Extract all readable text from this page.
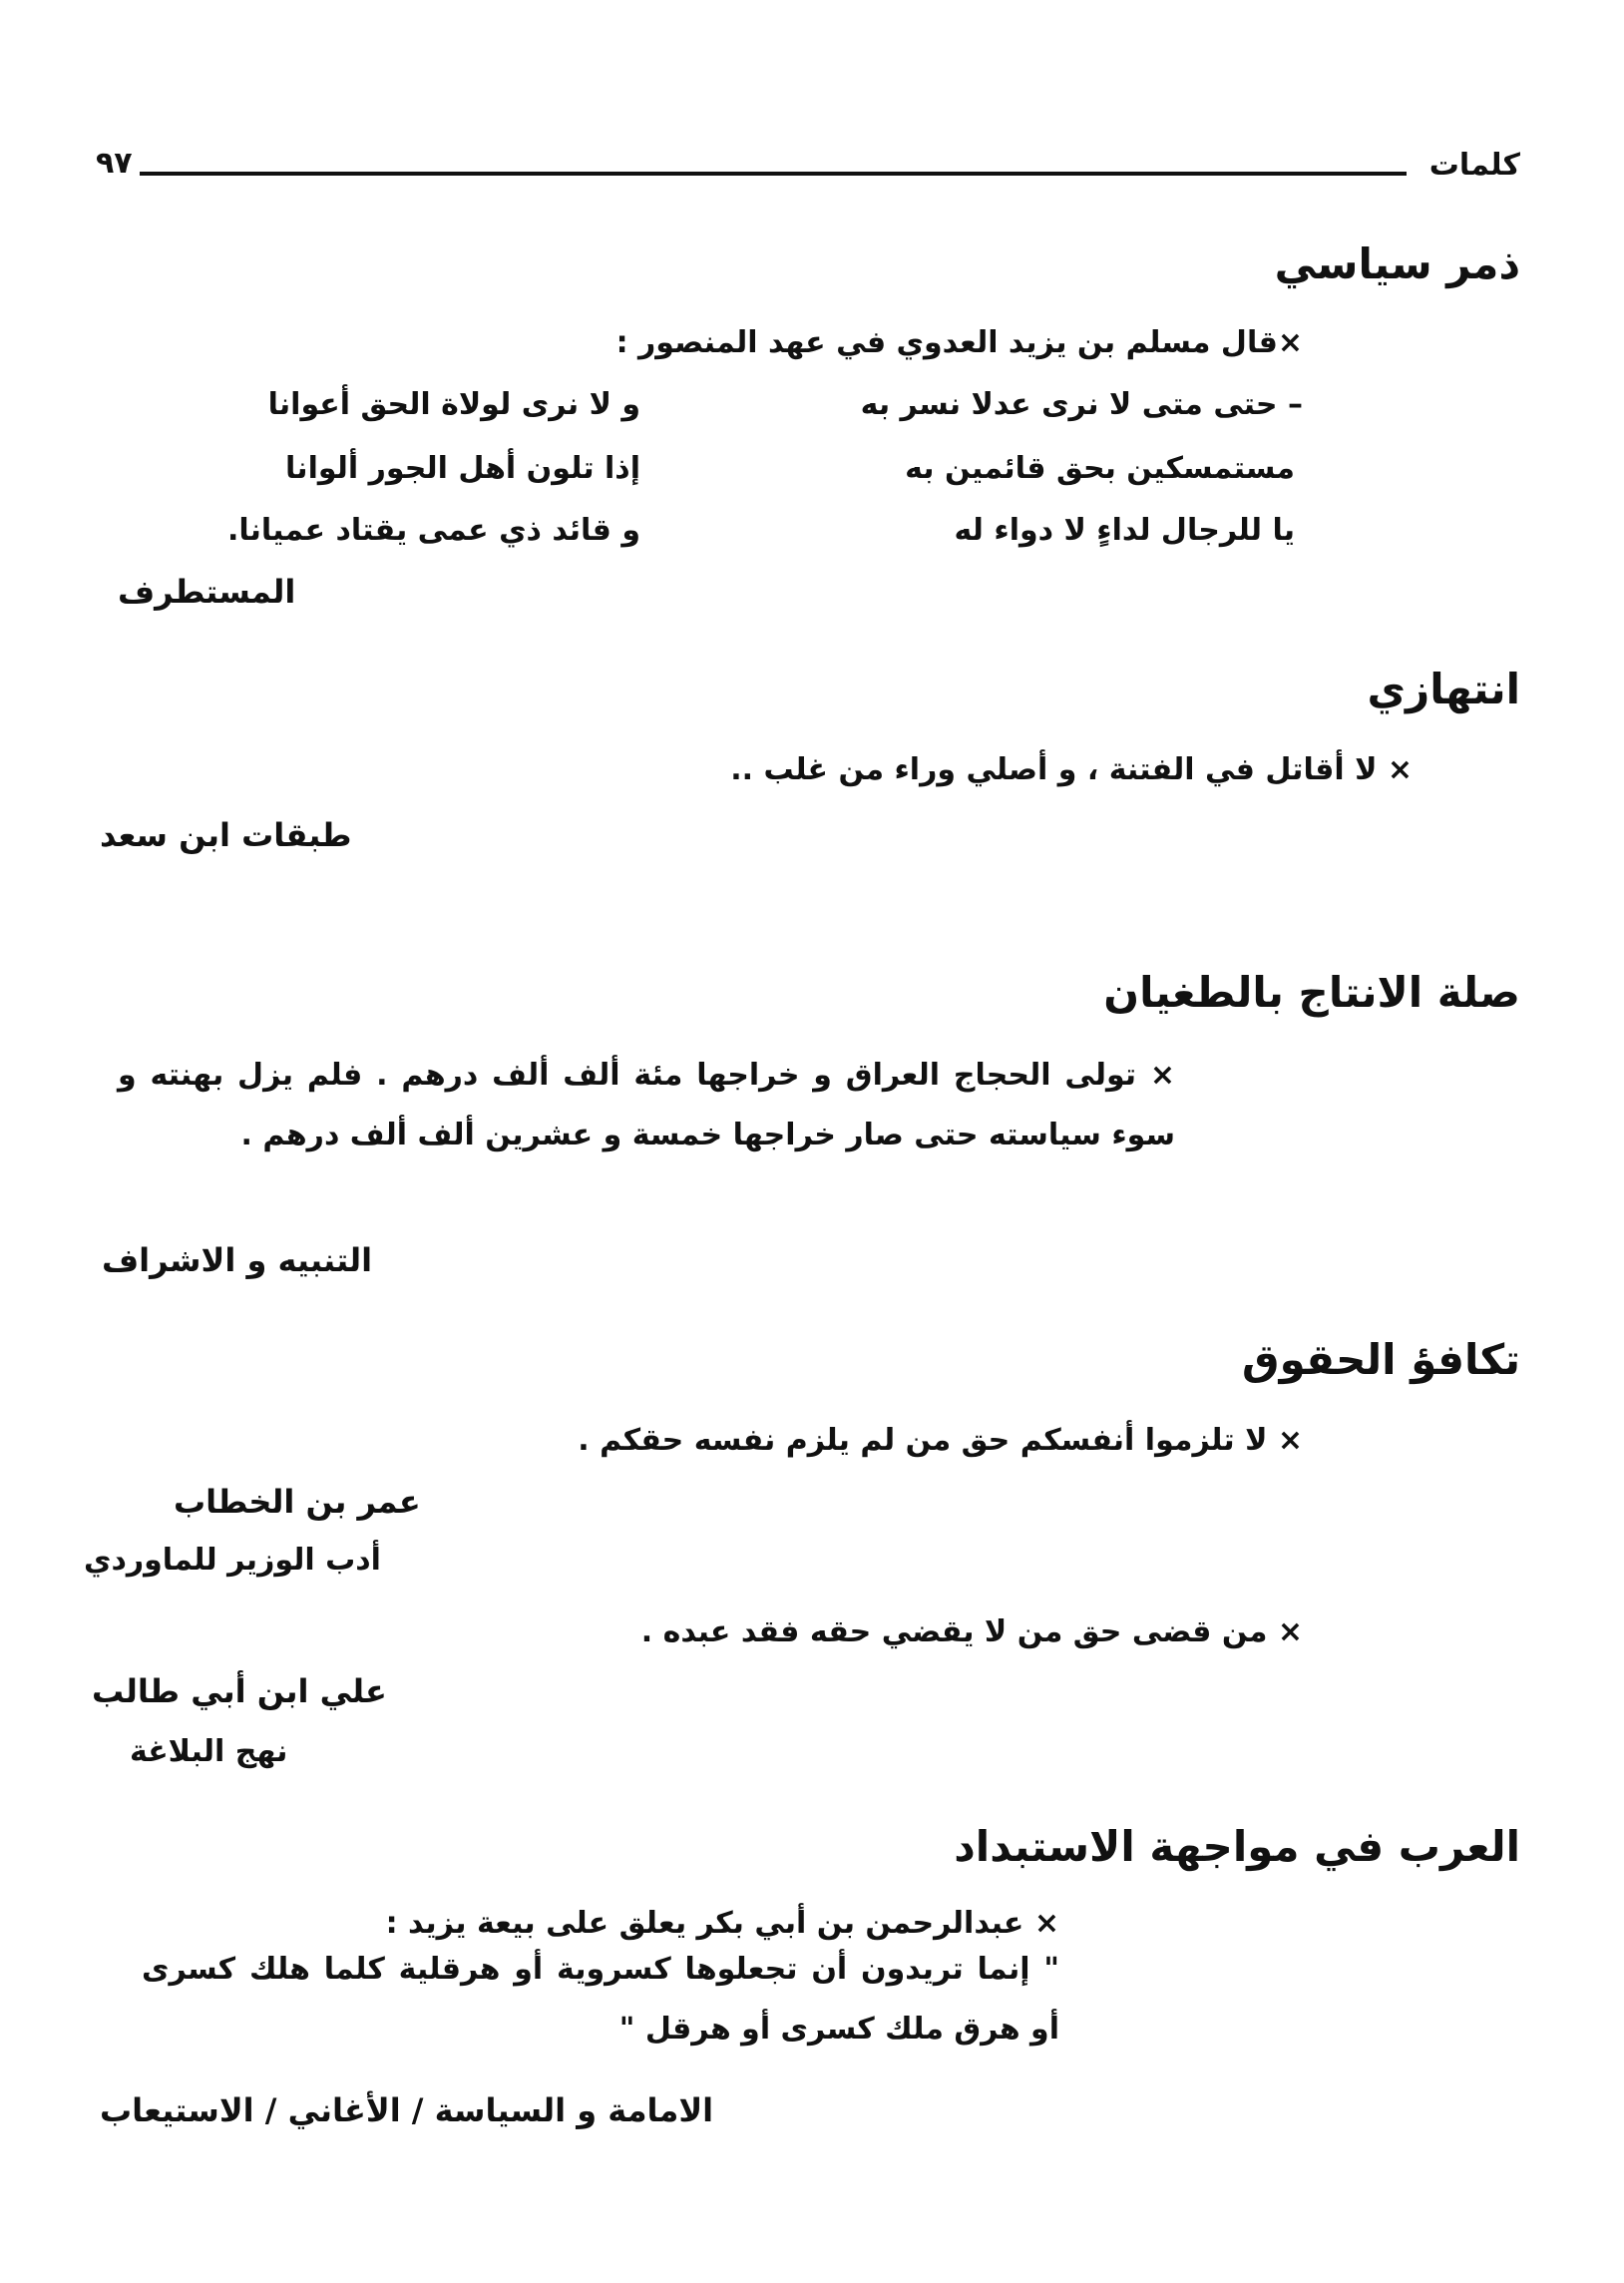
كلمات
٩٧
ذمر سياسي
×قال مسلم بن يزيد العدوي في عهد المنصور :
– حتى متى لا نرى عدلا نسر به
و لا نرى لولاة الحق أعوانا
مستمسكين بحق قائمين به
إذا تلون أهل الجور ألوانا
يا للرجال لداءٍ لا دواء له
و قائد ذي عمى يقتاد عميانا.
المستطرف
انتهازي
× لا أقاتل في الفتنة ، و أصلي وراء من غلب ..
طبقات ابن سعد
صلة الانتاج بالطغيان
× تولى الحجاج العراق و خراجها مئة ألف ألف درهم . فلم يزل بهنته و سوء سياسته حتى صار خراجها خمسة و عشرين ألف ألف درهم .
التنبيه و الاشراف
تكافؤ الحقوق
× لا تلزموا أنفسكم حق من لم يلزم نفسه حقكم .
عمر بن الخطاب
أدب الوزير للماوردي
× من قضى حق من لا يقضي حقه فقد عبده .
علي ابن أبي طالب
نهج البلاغة
العرب في مواجهة الاستبداد
× عبدالرحمن بن أبي بكر يعلق على بيعة يزيد :
" إنما تريدون أن تجعلوها كسروية أو هرقلية كلما هلك كسرى أو هرق ملك كسرى أو هرقل "
الامامة و السياسة / الأغاني / الاستيعاب
